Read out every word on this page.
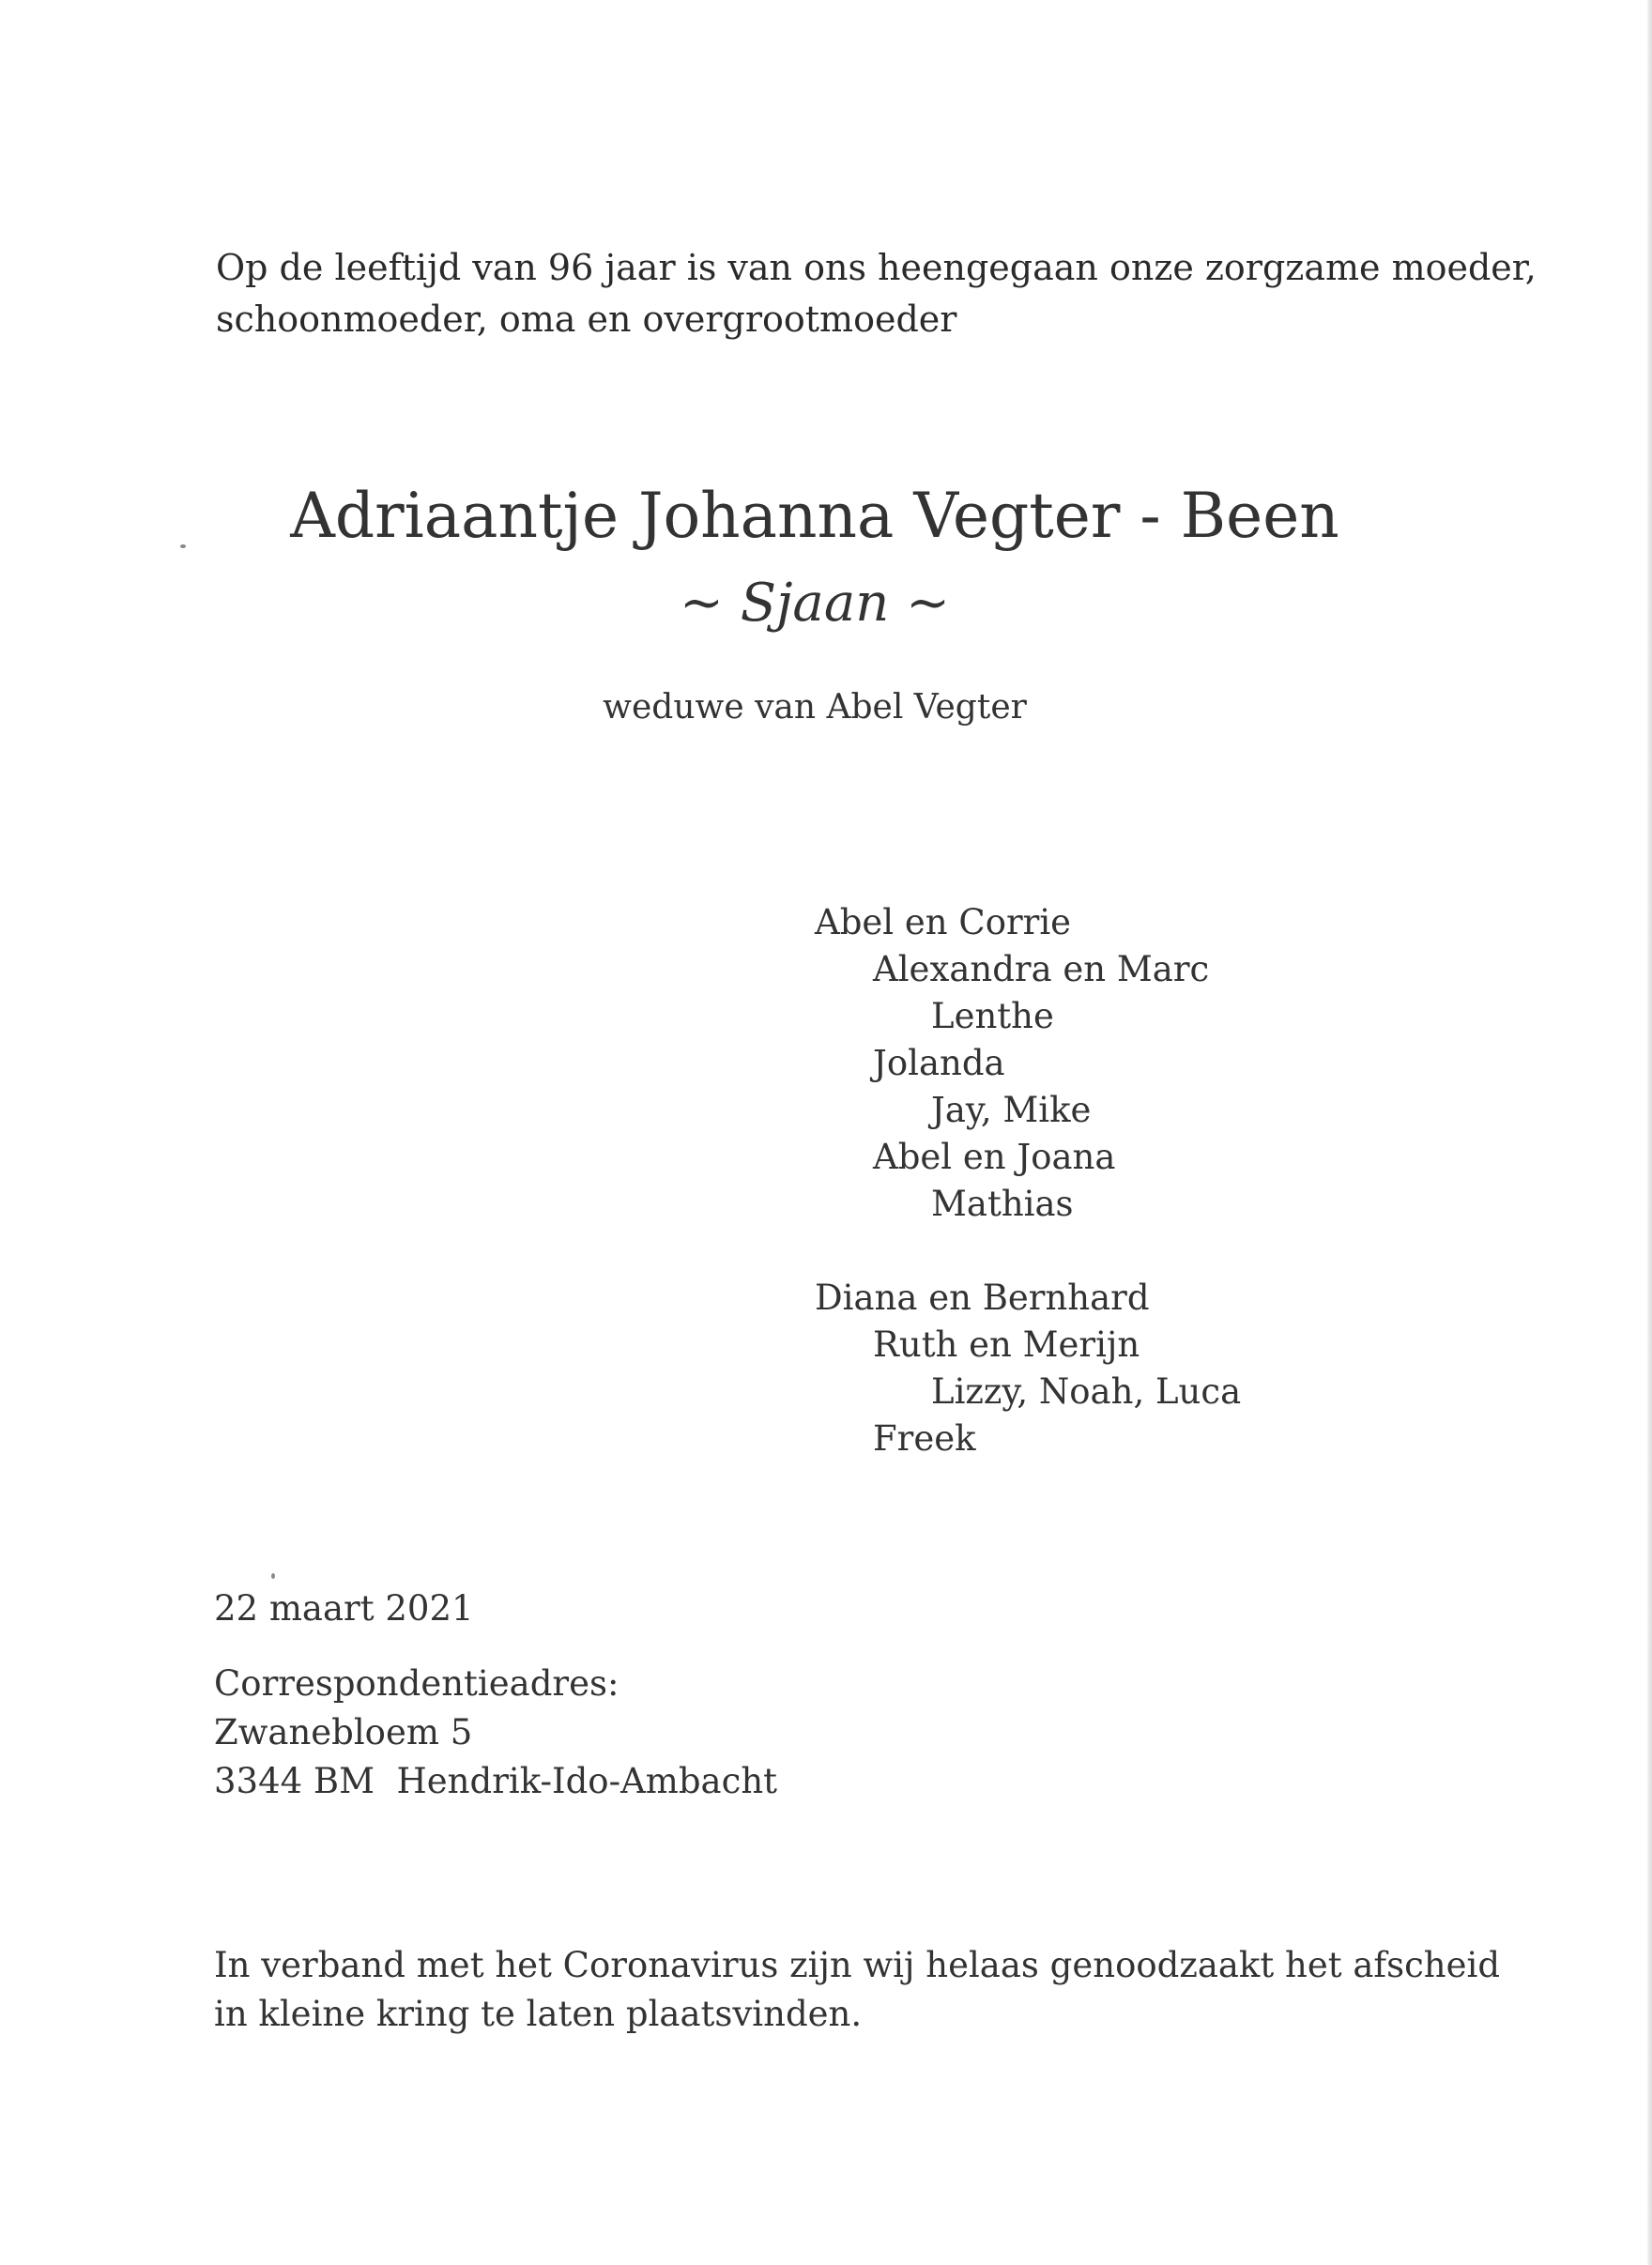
Op de leeftijd van 96 jaar is van ons heengegaan onze zorgzame moeder,
schoonmoeder, oma en overgrootmoeder
Adriaantje Johanna Vegter - Been
~ Sjaan ~
weduwe van Abel Vegter
Abel en Corrie
Alexandra en Marc
Lenthe
Jolanda
Jay, Mike
Abel en Joana
Mathias
Diana en Bernhard
Ruth en Merijn
Lizzy, Noah, Luca
Freek
22 maart 2021
Correspondentieadres:
Zwanebloem 5
3344 BM  Hendrik-Ido-Ambacht
In verband met het Coronavirus zijn wij helaas genoodzaakt het afscheid
in kleine kring te laten plaatsvinden.
